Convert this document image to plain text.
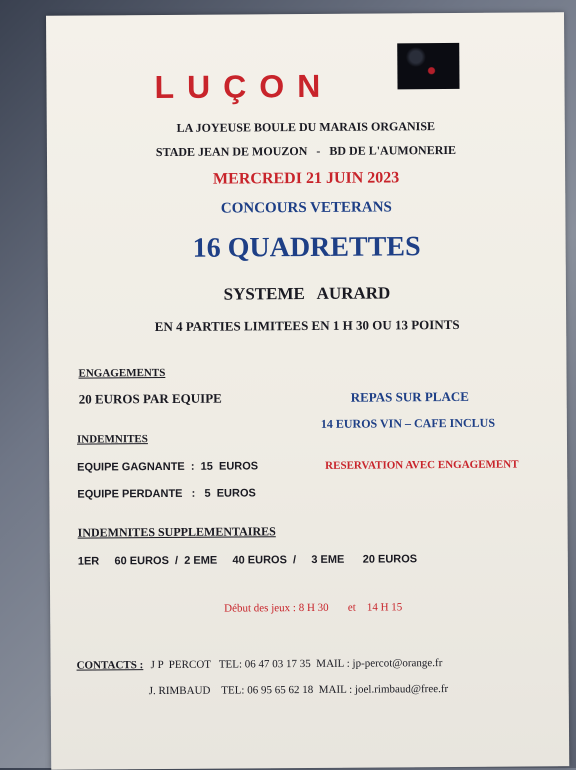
LUÇON
LA JOYEUSE BOULE DU MARAIS ORGANISE
STADE JEAN DE MOUZON   -   BD DE L'AUMONERIE
MERCREDI 21 JUIN 2023
CONCOURS VETERANS
16 QUADRETTES
SYSTEME   AURARD
EN 4 PARTIES LIMITEES EN 1 H 30 OU 13 POINTS
ENGAGEMENTS
20 EUROS PAR EQUIPE	REPAS SUR PLACE
14 EUROS VIN – CAFE INCLUS
INDEMNITES
EQUIPE GAGNANTE  :  15  EUROS	RESERVATION AVEC ENGAGEMENT
EQUIPE PERDANTE   :   5  EUROS
INDEMNITES SUPPLEMENTAIRES
1ER     60 EUROS  /  2 EME     40 EUROS  /     3 EME      20 EUROS
Début des jeux : 8 H 30       et    14 H 15
CONTACTS : J P  PERCOT   TEL: 06 47 03 17 35  MAIL : jp-percot@orange.fr
J. RIMBAUD    TEL: 06 95 65 62 18  MAIL : joel.rimbaud@free.fr
